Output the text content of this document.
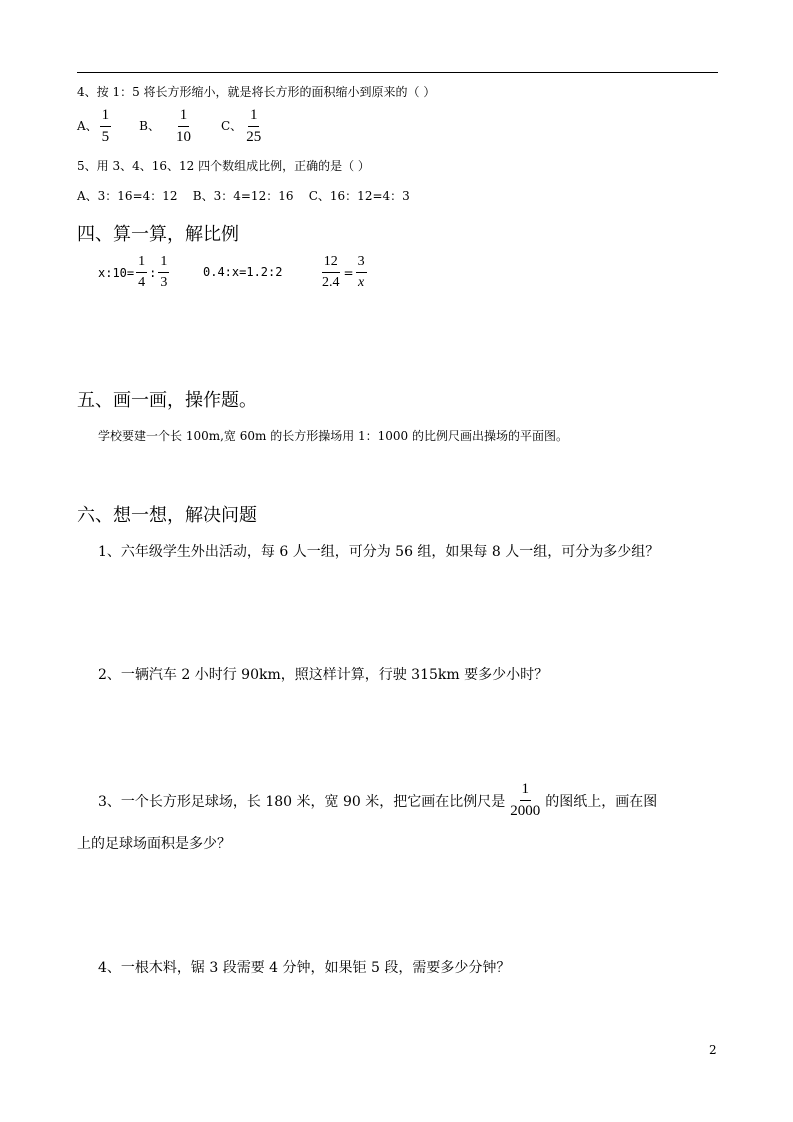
4、按 1：5 将长方形缩小，就是将长方形的面积缩小到原来的（ ）
A、 $\frac{1}{5}$ B、 $\frac{1}{10}$ C、 $\frac{1}{25}$
5、用 3、4、16、12 四个数组成比例，正确的是（ ）
A、3：16=4：12    B、3：4=12：16    C、16：12=4：3
四、算一算，解比例
x:10= $\frac{1}{4}$ : $\frac{1}{3}$	0.4:x=1.2:2	$\frac{12}{2.4} = \frac{3}{x}$
五、画一画，操作题。
学校要建一个长 100m,宽 60m 的长方形操场用 1：1000 的比例尺画出操场的平面图。
六、想一想，解决问题
1、六年级学生外出活动，每 6 人一组，可分为 56 组，如果每 8 人一组，可分为多少组？
2、一辆汽车 2 小时行 90km，照这样计算，行驶 315km 要多少小时？
3、一个长方形足球场，长 180 米，宽 90 米，把它画在比例尺是 $\frac{1}{2000}$ 的图纸上，画在图
上的足球场面积是多少？
4、一根木料，锯 3 段需要 4 分钟，如果钜 5 段，需要多少分钟？
2
